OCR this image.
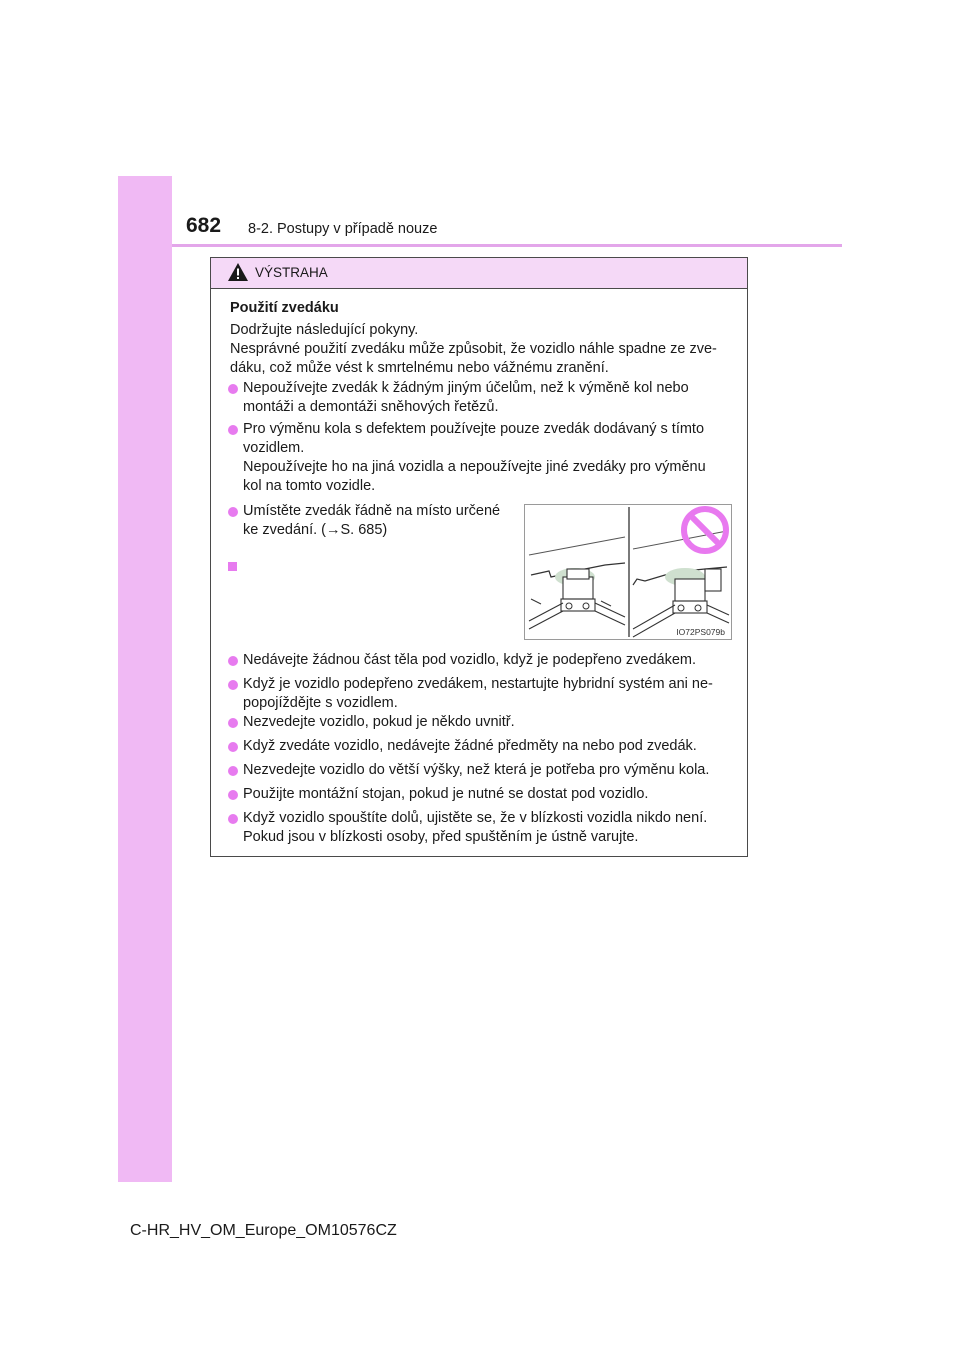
682 8-2. Postupy v případě nouze
VÝSTRAHA
Použití zvedáku
Dodržujte následující pokyny.
Nesprávné použití zvedáku může způsobit, že vozidlo náhle spadne ze zve-
dáku, což může vést k smrtelnému nebo vážnému zranění.
Nepoužívejte zvedák k žádným jiným účelům, než k výměně kol nebo
montáži a demontáži sněhových řetězů.
Pro výměnu kola s defektem používejte pouze zvedák dodávaný s tímto
vozidlem.
Nepoužívejte ho na jiná vozidla a nepoužívejte jiné zvedáky pro výměnu
kol na tomto vozidle.
Umístěte zvedák řádně na místo určené
ke zvedání. (→S. 685)
IO72PS079b
Nedávejte žádnou část těla pod vozidlo, když je podepřeno zvedákem.
Když je vozidlo podepřeno zvedákem, nestartujte hybridní systém ani ne-
popojíždějte s vozidlem.
Nezvedejte vozidlo, pokud je někdo uvnitř.
Když zvedáte vozidlo, nedávejte žádné předměty na nebo pod zvedák.
Nezvedejte vozidlo do větší výšky, než která je potřeba pro výměnu kola.
Použijte montážní stojan, pokud je nutné se dostat pod vozidlo.
Když vozidlo spouštíte dolů, ujistěte se, že v blízkosti vozidla nikdo není.
Pokud jsou v blízkosti osoby, před spuštěním je ústně varujte.
C-HR_HV_OM_Europe_OM10576CZ
